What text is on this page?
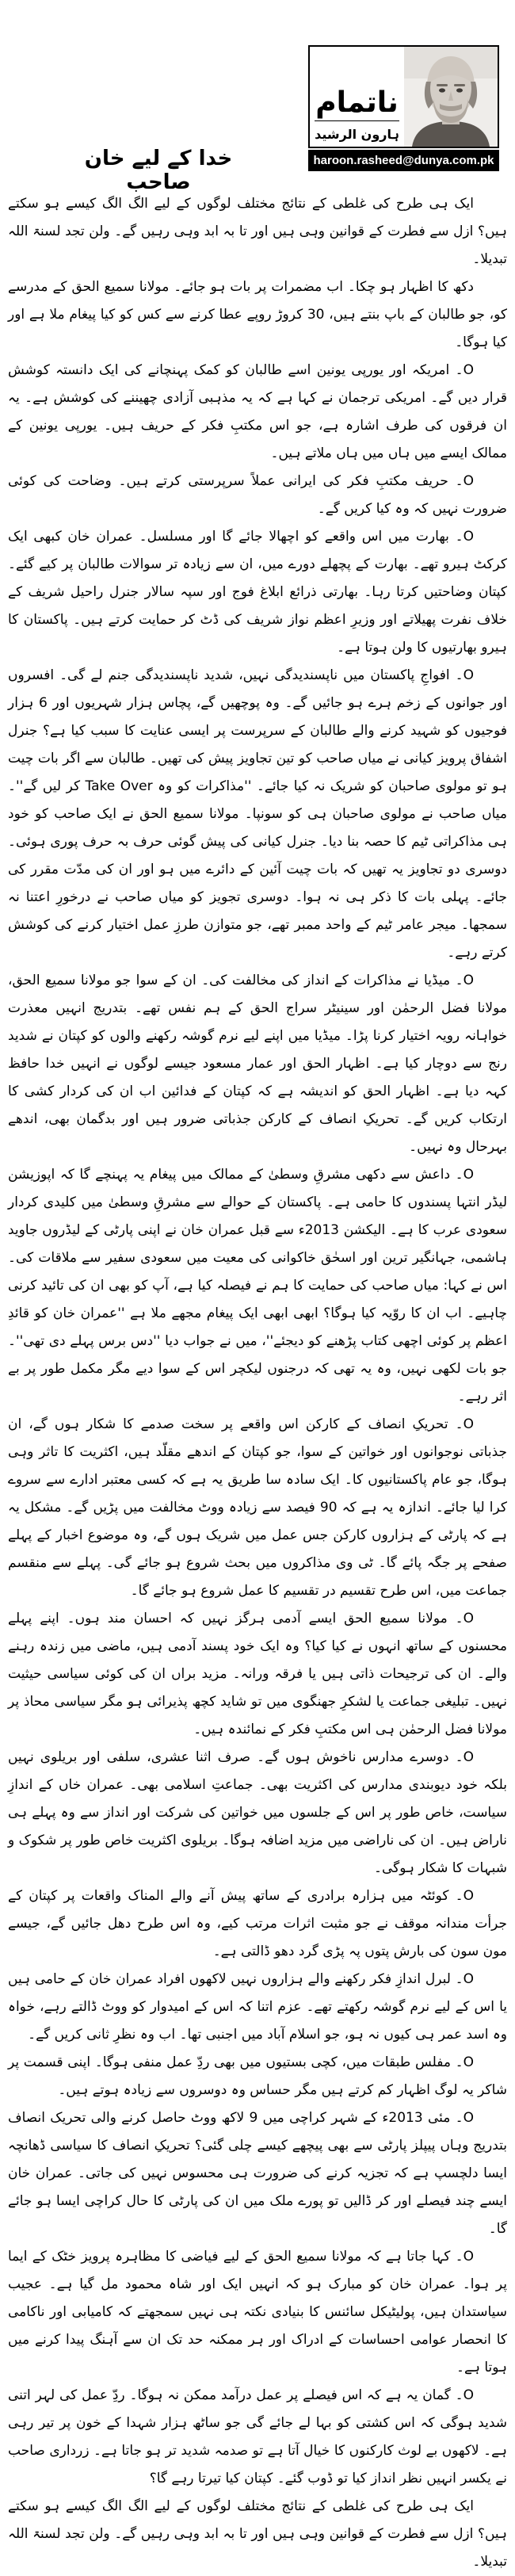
ناتمام
ہارون الرشید
haroon.rasheed@dunya.com.pk
خدا کے لیے خان صاحب

ایک ہی طرح کی غلطی کے نتائج مختلف لوگوں کے لیے الگ الگ کیسے ہو سکتے ہیں؟ ازل سے فطرت کے قوانین وہی ہیں اور تا بہ ابد وہی رہیں گے۔ ولن تجد لسنۃ اللہ تبدیلا۔

دکھ کا اظہار ہو چکا۔ اب مضمرات پر بات ہو جائے۔ مولانا سمیع الحق کے مدرسے کو، جو طالبان کے باپ بنتے ہیں، 30 کروڑ روپے عطا کرنے سے کس کو کیا پیغام ملا ہے اور کیا ہوگا۔

O۔ امریکہ اور یورپی یونین اسے طالبان کو کمک پہنچانے کی ایک دانستہ کوشش قرار دیں گے۔ امریکی ترجمان نے کہا ہے کہ یہ مذہبی آزادی چھیننے کی کوشش ہے۔ یہ ان فرقوں کی طرف اشارہ ہے، جو اس مکتبِ فکر کے حریف ہیں۔ یورپی یونین کے ممالک ایسے میں ہاں میں ہاں ملاتے ہیں۔

O۔ حریف مکتبِ فکر کی ایرانی عملاً سرپرستی کرتے ہیں۔ وضاحت کی کوئی ضرورت نہیں کہ وہ کیا کریں گے۔

O۔ بھارت میں اس واقعے کو اچھالا جائے گا اور مسلسل۔ عمران خان کبھی ایک کرکٹ ہیرو تھے۔ بھارت کے پچھلے دورے میں، ان سے زیادہ تر سوالات طالبان پر کیے گئے۔ کپتان وضاحتیں کرتا رہا۔ بھارتی ذرائع ابلاغ فوج اور سپہ سالار جنرل راحیل شریف کے خلاف نفرت پھیلاتے اور وزیرِ اعظم نواز شریف کی ڈٹ کر حمایت کرتے ہیں۔ پاکستان کا ہیرو بھارتیوں کا ولن ہوتا ہے۔

O۔ افواجِ پاکستان میں ناپسندیدگی نہیں، شدید ناپسندیدگی جنم لے گی۔ افسروں اور جوانوں کے زخم ہرے ہو جائیں گے۔ وہ پوچھیں گے، پچاس ہزار شہریوں اور 6 ہزار فوجیوں کو شہید کرنے والے طالبان کے سرپرست پر ایسی عنایت کا سبب کیا ہے؟ جنرل اشفاق پرویز کیانی نے میاں صاحب کو تین تجاویز پیش کی تھیں۔ طالبان سے اگر بات چیت ہو تو مولوی صاحبان کو شریک نہ کیا جائے۔ ''مذاکرات کو وہ Take Over کر لیں گے''۔ میاں صاحب نے مولوی صاحبان ہی کو سونپا۔ مولانا سمیع الحق نے ایک صاحب کو خود ہی مذاکراتی ٹیم کا حصہ بنا دیا۔ جنرل کیانی کی پیش گوئی حرف بہ حرف پوری ہوئی۔ دوسری دو تجاویز یہ تھیں کہ بات چیت آئین کے دائرے میں ہو اور ان کی مدّت مقرر کی جائے۔ پہلی بات کا ذکر ہی نہ ہوا۔ دوسری تجویز کو میاں صاحب نے درخورِ اعتنا نہ سمجھا۔ میجر عامر ٹیم کے واحد ممبر تھے، جو متوازن طرزِ عمل اختیار کرنے کی کوشش کرتے رہے۔

O۔ میڈیا نے مذاکرات کے انداز کی مخالفت کی۔ ان کے سوا جو مولانا سمیع الحق، مولانا فضل الرحمٰن اور سینیٹر سراج الحق کے ہم نفس تھے۔ بتدریج انہیں معذرت خواہانہ رویہ اختیار کرنا پڑا۔ میڈیا میں اپنے لیے نرم گوشہ رکھنے والوں کو کپتان نے شدید رنج سے دوچار کیا ہے۔ اظہار الحق اور عمار مسعود جیسے لوگوں نے انہیں خدا حافظ کہہ دیا ہے۔ اظہار الحق کو اندیشہ ہے کہ کپتان کے فدائین اب ان کی کردار کشی کا ارتکاب کریں گے۔ تحریکِ انصاف کے کارکن جذباتی ضرور ہیں اور بدگمان بھی، اندھے بہرحال وہ نہیں۔

O۔ داعش سے دکھی مشرقِ وسطیٰ کے ممالک میں پیغام یہ پہنچے گا کہ اپوزیشن لیڈر انتہا پسندوں کا حامی ہے۔ پاکستان کے حوالے سے مشرقِ وسطیٰ میں کلیدی کردار سعودی عرب کا ہے۔ الیکشن 2013ء سے قبل عمران خان نے اپنی پارٹی کے لیڈروں جاوید ہاشمی، جہانگیر ترین اور اسحٰق خاکوانی کی معیت میں سعودی سفیر سے ملاقات کی۔ اس نے کہا: میاں صاحب کی حمایت کا ہم نے فیصلہ کیا ہے، آپ کو بھی ان کی تائید کرنی چاہیے۔ اب ان کا روّیہ کیا ہوگا؟ ابھی ابھی ایک پیغام مجھے ملا ہے ''عمران خان کو قائدِ اعظم پر کوئی اچھی کتاب پڑھنے کو دیجئے''، میں نے جواب دیا ''دس برس پہلے دی تھی''۔ جو بات لکھی نہیں، وہ یہ تھی کہ درجنوں لیکچر اس کے سوا دیے مگر مکمل طور پر بے اثر رہے۔

O۔ تحریکِ انصاف کے کارکن اس واقعے پر سخت صدمے کا شکار ہوں گے، ان جذباتی نوجوانوں اور خواتین کے سوا، جو کپتان کے اندھے مقلّد ہیں، اکثریت کا تاثر وہی ہوگا، جو عام پاکستانیوں کا۔ ایک سادہ سا طریق یہ ہے کہ کسی معتبر ادارے سے سروے کرا لیا جائے۔ اندازہ یہ ہے کہ 90 فیصد سے زیادہ ووٹ مخالفت میں پڑیں گے۔ مشکل یہ ہے کہ پارٹی کے ہزاروں کارکن جس عمل میں شریک ہوں گے، وہ موضوع اخبار کے پہلے صفحے پر جگہ پائے گا۔ ٹی وی مذاکروں میں بحث شروع ہو جائے گی۔ پہلے سے منقسم جماعت میں، اس طرح تقسیم در تقسیم کا عمل شروع ہو جائے گا۔

O۔ مولانا سمیع الحق ایسے آدمی ہرگز نہیں کہ احسان مند ہوں۔ اپنے پہلے محسنوں کے ساتھ انہوں نے کیا کیا؟ وہ ایک خود پسند آدمی ہیں، ماضی میں زندہ رہنے والے۔ ان کی ترجیحات ذاتی ہیں یا فرقہ ورانہ۔ مزید براں ان کی کوئی سیاسی حیثیت نہیں۔ تبلیغی جماعت یا لشکرِ جھنگوی میں تو شاید کچھ پذیرائی ہو مگر سیاسی محاذ پر مولانا فضل الرحمٰن ہی اس مکتبِ فکر کے نمائندہ ہیں۔

O۔ دوسرے مدارس ناخوش ہوں گے۔ صرف اثنا عشری، سلفی اور بریلوی نہیں بلکہ خود دیوبندی مدارس کی اکثریت بھی۔ جماعتِ اسلامی بھی۔ عمران خاں کے اندازِ سیاست، خاص طور پر اس کے جلسوں میں خواتین کی شرکت اور انداز سے وہ پہلے ہی ناراض ہیں۔ ان کی ناراضی میں مزید اضافہ ہوگا۔ بریلوی اکثریت خاص طور پر شکوک و شبہات کا شکار ہوگی۔

O۔ کوئٹہ میں ہزارہ برادری کے ساتھ پیش آنے والے المناک واقعات پر کپتان کے جرأت مندانہ موقف نے جو مثبت اثرات مرتب کیے، وہ اس طرح دھل جائیں گے، جیسے مون سون کی بارش پتوں پہ پڑی گرد دھو ڈالتی ہے۔

O۔ لبرل اندازِ فکر رکھنے والے ہزاروں نہیں لاکھوں افراد عمران خان کے حامی ہیں یا اس کے لیے نرم گوشہ رکھتے تھے۔ عزم اتنا کہ اس کے امیدوار کو ووٹ ڈالتے رہے، خواہ وہ اسد عمر ہی کیوں نہ ہو، جو اسلام آباد میں اجنبی تھا۔ اب وہ نظرِ ثانی کریں گے۔

O۔ مفلس طبقات میں، کچی بستیوں میں بھی ردِّ عمل منفی ہوگا۔ اپنی قسمت پر شاکر یہ لوگ اظہار کم کرتے ہیں مگر حساس وہ دوسروں سے زیادہ ہوتے ہیں۔

O۔ مئی 2013ء کے شہر کراچی میں 9 لاکھ ووٹ حاصل کرنے والی تحریک انصاف بتدریج وہاں پیپلز پارٹی سے بھی پیچھے کیسے چلی گئی؟ تحریکِ انصاف کا سیاسی ڈھانچہ ایسا دلچسپ ہے کہ تجزیہ کرنے کی ضرورت ہی محسوس نہیں کی جاتی۔ عمران خان ایسے چند فیصلے اور کر ڈالیں تو پورے ملک میں ان کی پارٹی کا حال کراچی ایسا ہو جائے گا۔

O۔ کہا جاتا ہے کہ مولانا سمیع الحق کے لیے فیاضی کا مظاہرہ پرویز خٹک کے ایما پر ہوا۔ عمران خان کو مبارک ہو کہ انہیں ایک اور شاہ محمود مل گیا ہے۔ عجیب سیاستدان ہیں، پولیٹیکل سائنس کا بنیادی نکتہ ہی نہیں سمجھتے کہ کامیابی اور ناکامی کا انحصار عوامی احساسات کے ادراک اور ہر ممکنہ حد تک ان سے آہنگ پیدا کرنے میں ہوتا ہے۔

O۔ گمان یہ ہے کہ اس فیصلے پر عمل درآمد ممکن نہ ہوگا۔ ردِّ عمل کی لہر اتنی شدید ہوگی کہ اس کشتی کو بہا لے جائے گی جو ساٹھ ہزار شہدا کے خون پر تیر رہی ہے۔ لاکھوں بے لوث کارکنوں کا خیال آتا ہے تو صدمہ شدید تر ہو جاتا ہے۔ زرداری صاحب نے یکسر انہیں نظر انداز کیا تو ڈوب گئے۔ کپتان کیا تیرتا رہے گا؟

ایک ہی طرح کی غلطی کے نتائج مختلف لوگوں کے لیے الگ الگ کیسے ہو سکتے ہیں؟ ازل سے فطرت کے قوانین وہی ہیں اور تا بہ ابد وہی رہیں گے۔ ولن تجد لسنۃ اللہ تبدیلا۔
